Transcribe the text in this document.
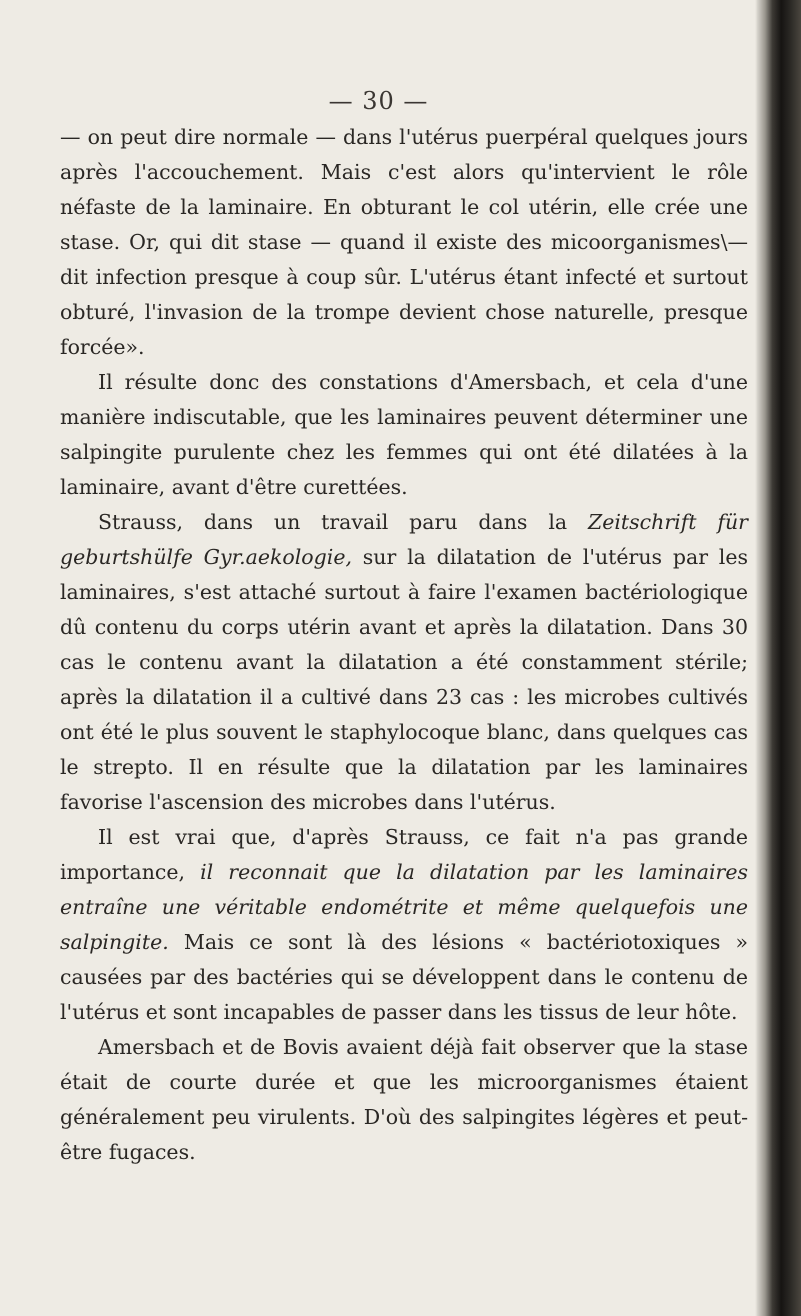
— 30 —

— on peut dire normale — dans l'utérus puerpéral quelques jours après l'accouchement. Mais c'est alors qu'intervient le rôle néfaste de la laminaire. En obturant le col utérin, elle crée une stase. Or, qui dit stase — quand il existe des micoorganismes\— dit infection presque à coup sûr. L'utérus étant infecté et surtout obturé, l'invasion de la trompe devient chose naturelle, presque forcée».

Il résulte donc des constations d'Amersbach, et cela d'une manière indiscutable, que les laminaires peuvent déterminer une salpingite purulente chez les femmes qui ont été dilatées à la laminaire, avant d'être curettées.

Strauss, dans un travail paru dans la Zeitschrift für geburtshülfe Gyr.aekologie, sur la dilatation de l'utérus par les laminaires, s'est attaché surtout à faire l'examen bactériologique dû contenu du corps utérin avant et après la dilatation. Dans 30 cas le contenu avant la dilatation a été constamment stérile; après la dilatation il a cultivé dans 23 cas : les microbes cultivés ont été le plus souvent le staphylocoque blanc, dans quelques cas le strepto. Il en résulte que la dilatation par les laminaires favorise l'ascension des microbes dans l'utérus.

Il est vrai que, d'après Strauss, ce fait n'a pas grande importance, il reconnait que la dilatation par les laminaires entraîne une véritable endométrite et même quelquefois une salpingite. Mais ce sont là des lésions « bactériotoxiques » causées par des bactéries qui se développent dans le contenu de l'utérus et sont incapables de passer dans les tissus de leur hôte.

Amersbach et de Bovis avaient déjà fait observer que la stase était de courte durée et que les microorganismes étaient généralement peu virulents. D'où des salpingites légères et peut-être fugaces.
